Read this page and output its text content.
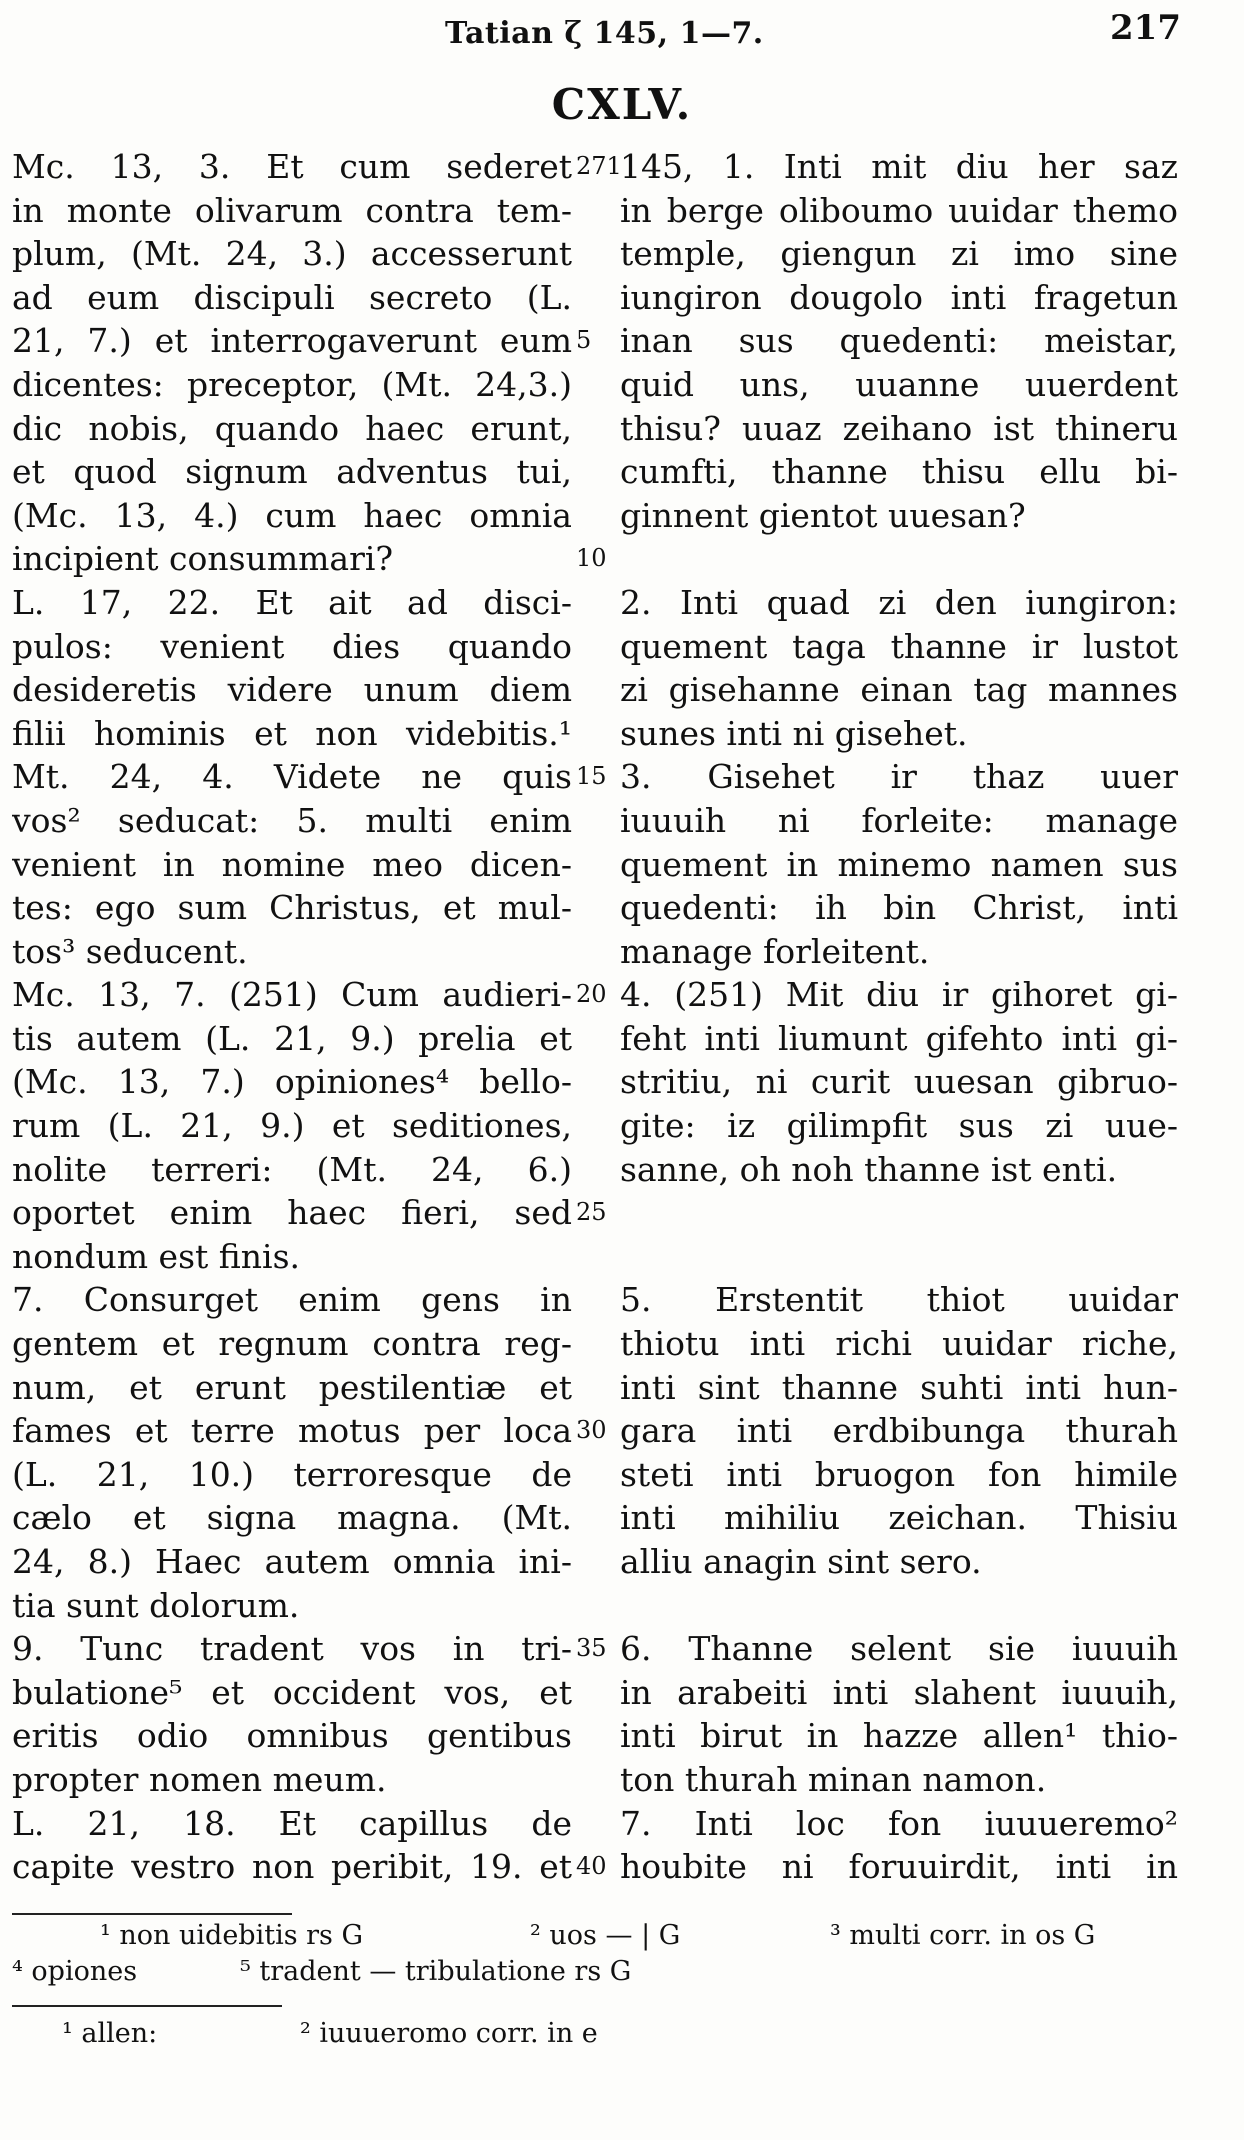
Tatian ζ 145, 1—7.	217
CXLV.
Mc. 13, 3. Et cum sederet
in monte olivarum contra tem-
plum, (Mt. 24, 3.) accesserunt
ad eum discipuli secreto (L.
21, 7.) et interrogaverunt eum
dicentes: preceptor, (Mt. 24,3.)
dic nobis, quando haec erunt,
et quod signum adventus tui,
(Mc. 13, 4.) cum haec omnia
incipient consummari?
L. 17, 22. Et ait ad disci-
pulos: venient dies quando
desideretis videre unum diem
filii hominis et non videbitis.¹
Mt. 24, 4. Videte ne quis
vos² seducat: 5. multi enim
venient in nomine meo dicen-
tes: ego sum Christus, et mul-
tos³ seducent.
Mc. 13, 7. (251) Cum audieri-
tis autem (L. 21, 9.) prelia et
(Mc. 13, 7.) opiniones⁴ bello-
rum (L. 21, 9.) et seditiones,
nolite terreri: (Mt. 24, 6.)
oportet enim haec fieri, sed
nondum est finis.
7. Consurget enim gens in
gentem et regnum contra reg-
num, et erunt pestilentiæ et
fames et terre motus per loca
(L. 21, 10.) terroresque de
cælo et signa magna. (Mt.
24, 8.) Haec autem omnia ini-
tia sunt dolorum.
9. Tunc tradent vos in tri-
bulatione⁵ et occident vos, et
eritis odio omnibus gentibus
propter nomen meum.
L. 21, 18. Et capillus de
capite vestro non peribit, 19. et
271
5
10
15
20
25
30
35
40
145, 1. Inti mit diu her saz
in berge oliboumo uuidar themo
temple, giengun zi imo sine
iungiron dougolo inti fragetun
inan sus quedenti: meistar,
quid uns, uuanne uuerdent
thisu? uuaz zeihano ist thineru
cumfti, thanne thisu ellu bi-
ginnent gientot uuesan?
2. Inti quad zi den iungiron:
quement taga thanne ir lustot
zi gisehanne einan tag mannes
sunes inti ni gisehet.
3. Gisehet ir thaz uuer
iuuuih ni forleite: manage
quement in minemo namen sus
quedenti: ih bin Christ, inti
manage forleitent.
4. (251) Mit diu ir gihoret gi-
feht inti liumunt gifehto inti gi-
stritiu, ni curit uuesan gibruo-
gite: iz gilimpfit sus zi uue-
sanne, oh noh thanne ist enti.
5. Erstentit thiot uuidar
thiotu inti richi uuidar riche,
inti sint thanne suhti inti hun-
gara inti erdbibunga thurah
steti inti bruogon fon himile
inti mihiliu zeichan. Thisiu
alliu anagin sint sero.
6. Thanne selent sie iuuuih
in arabeiti inti slahent iuuuih,
inti birut in hazze allen¹ thio-
ton thurah minan namon.
7. Inti loc fon iuuueremo²
houbite ni foruuirdit, inti in
¹ non uidebitis rs G	² uos — | G	³ multi corr. in os G
⁴ opiones	⁵ tradent — tribulatione rs G
¹ allen:	² iuuueromo corr. in e
